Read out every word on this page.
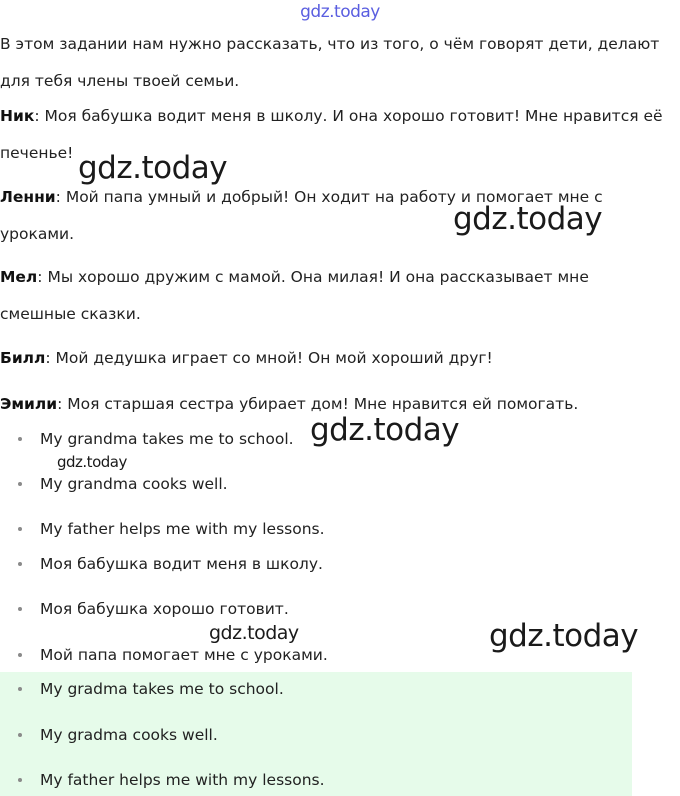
gdz.today
В этом задании нам нужно рассказать, что из того, о чём говорят дети, делают для тебя члены твоей семьи.
Ник: Моя бабушка водит меня в школу. И она хорошо готовит! Мне нравится её печенье!
Ленни: Мой папа умный и добрый! Он ходит на работу и помогает мне с уроками.
Мел: Мы хорошо дружим с мамой. Она милая! И она рассказывает мне смешные сказки.
Билл: Мой дедушка играет со мной! Он мой хороший друг!
Эмили: Моя старшая сестра убирает дом! Мне нравится ей помогать.
My grandma takes me to school.
My grandma cooks well.
My father helps me with my lessons.
Моя бабушка водит меня в школу.
Моя бабушка хорошо готовит.
Мой папа помогает мне с уроками.
My gradma takes me to school.
My gradma cooks well.
My father helps me with my lessons.
gdz.today
gdz.today
gdz.today
gdz.today
gdz.today	gdz.today
